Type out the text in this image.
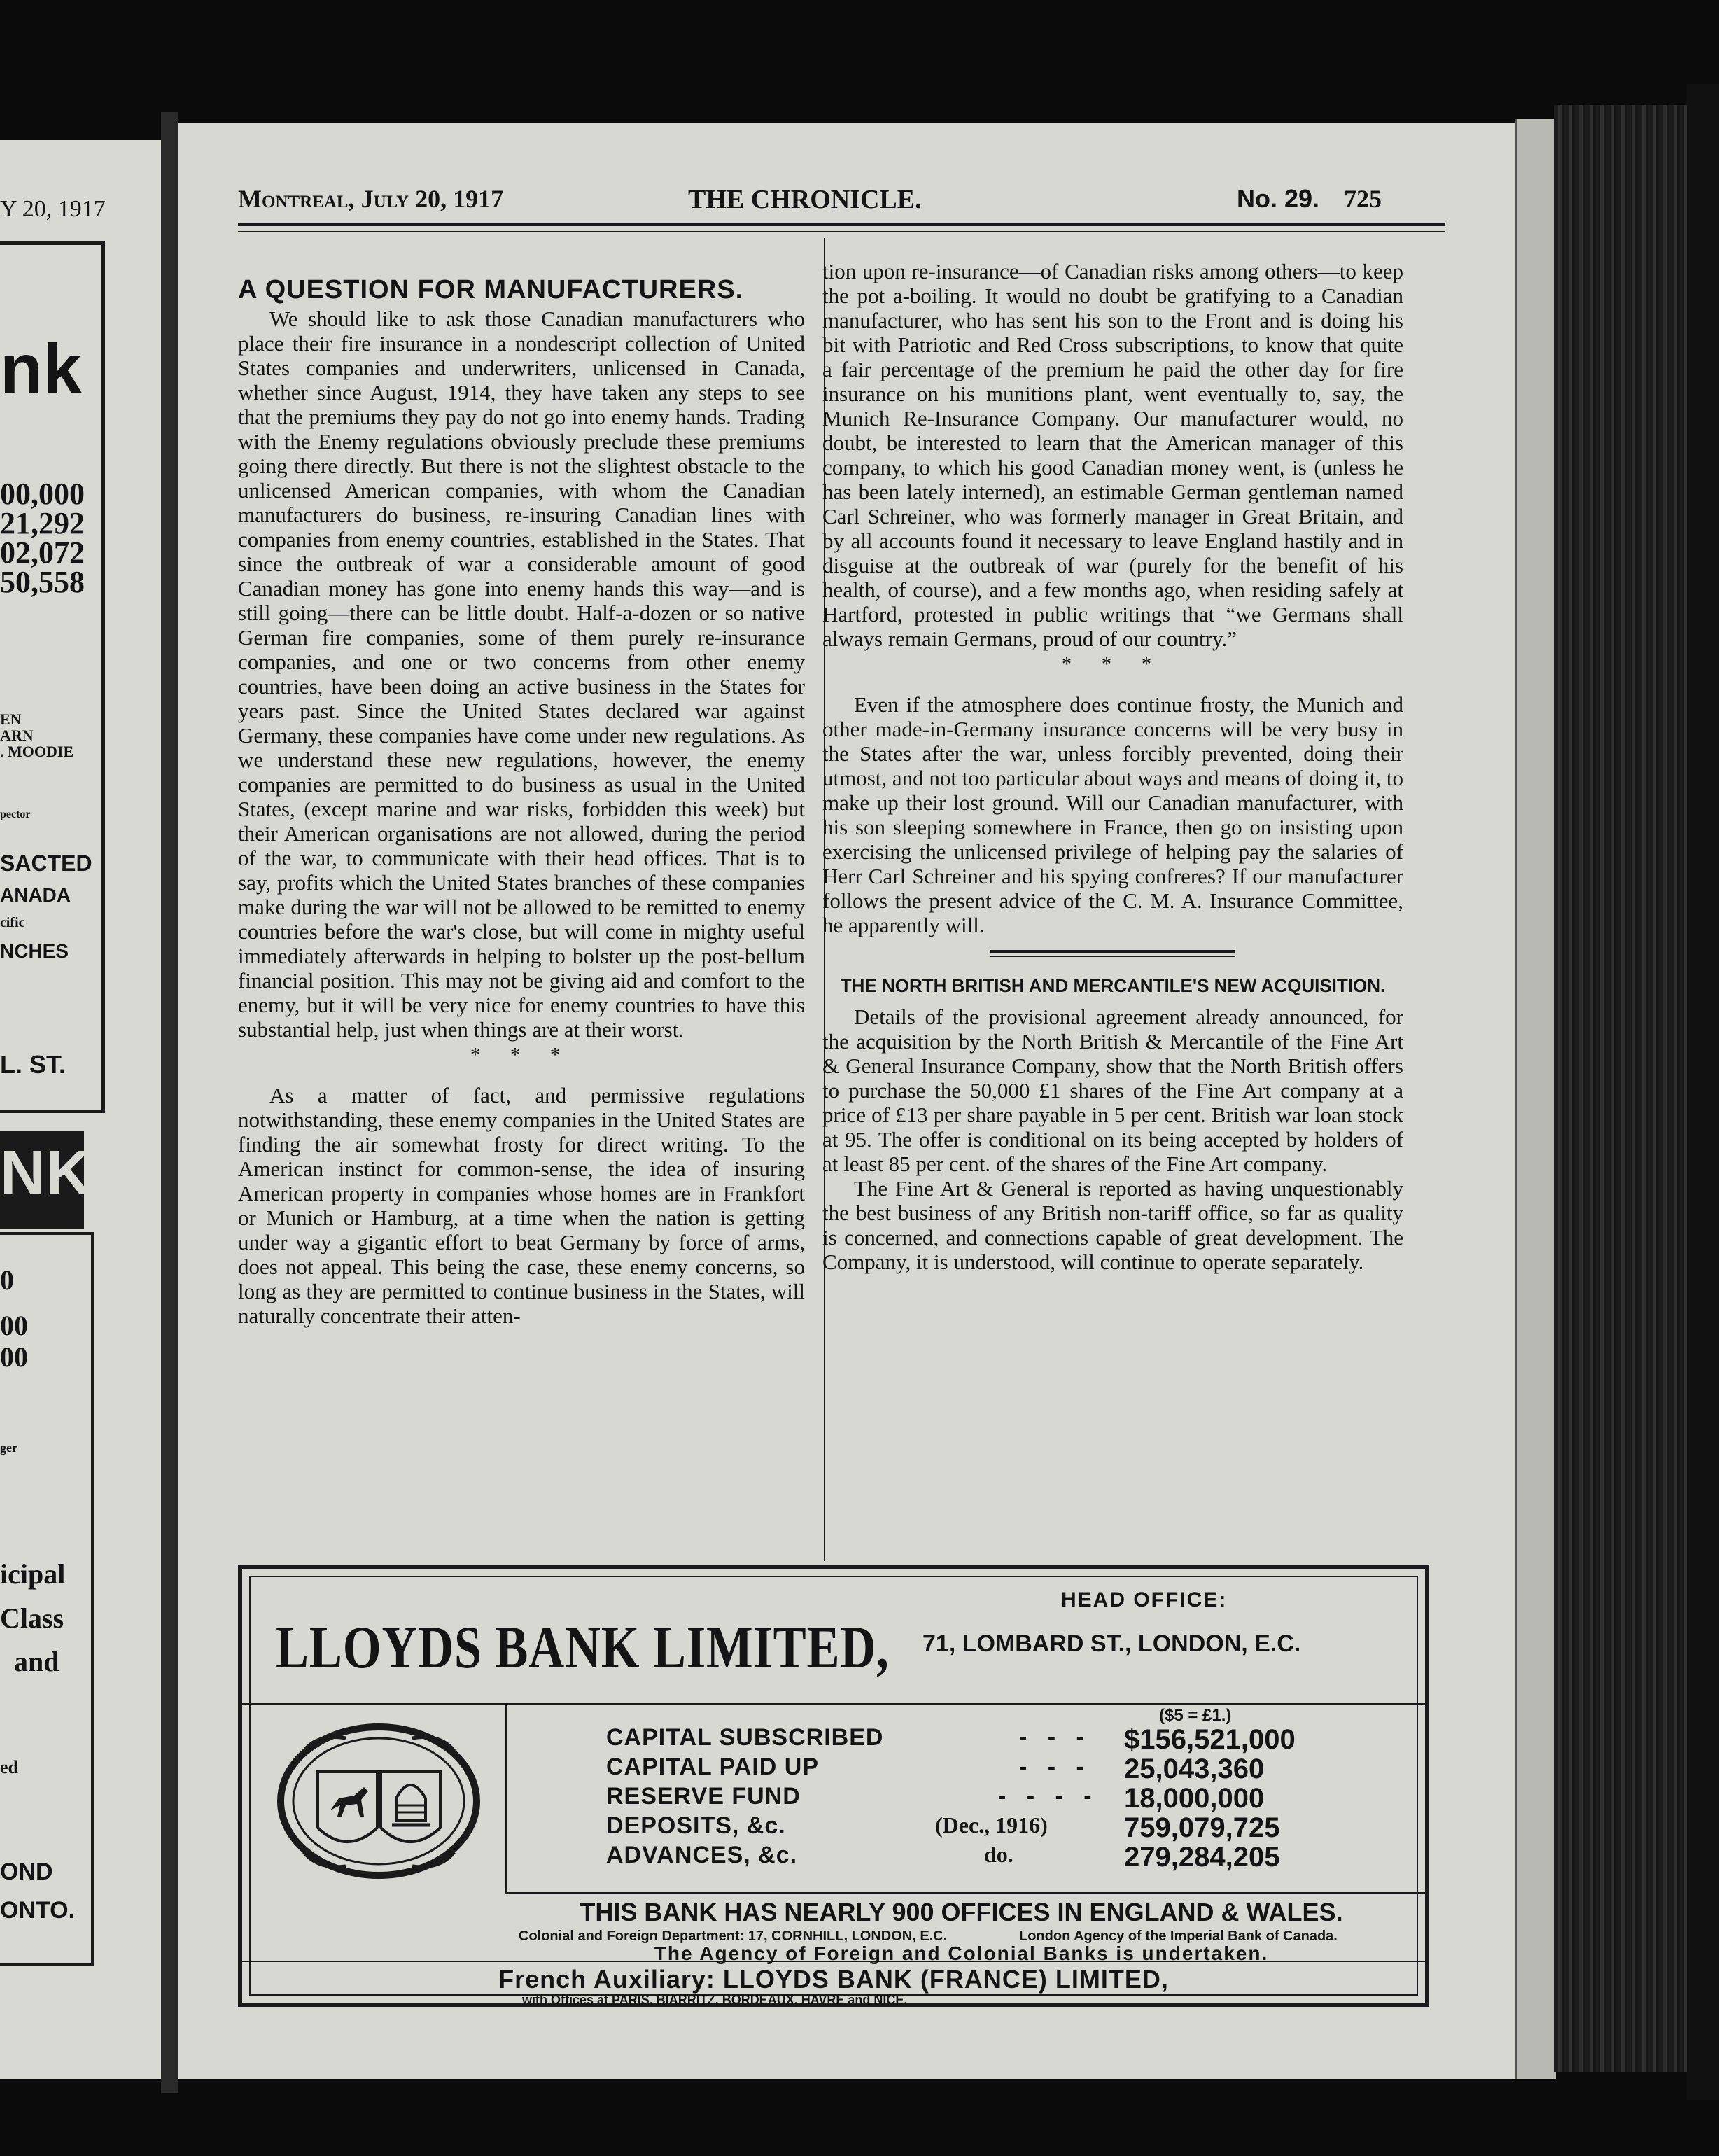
Y 20, 1917
nk
00,000
21,292
02,072
50,558
EN
ARN
. MOODIE
pector
SACTED
ANADA
cific
NCHES
L. ST.
NK
0
00
00
ger
icipal
Class
and
ed
OND
ONTO.
Montreal, July 20, 1917	THE CHRONICLE.	No. 29. 725
A QUESTION FOR MANUFACTURERS.

We should like to ask those Canadian manufacturers who place their fire insurance in a nondescript collection of United States companies and underwriters, unlicensed in Canada, whether since August, 1914, they have taken any steps to see that the premiums they pay do not go into enemy hands. Trading with the Enemy regulations obviously preclude these premiums going there directly. But there is not the slightest obstacle to the unlicensed American companies, with whom the Canadian manufacturers do business, re-insuring Canadian lines with companies from enemy countries, established in the States. That since the outbreak of war a considerable amount of good Canadian money has gone into enemy hands this way—and is still going—there can be little doubt. Half-a-dozen or so native German fire companies, some of them purely re-insurance companies, and one or two concerns from other enemy countries, have been doing an active business in the States for years past. Since the United States declared war against Germany, these companies have come under new regulations. As we understand these new regulations, however, the enemy companies are permitted to do business as usual in the United States, (except marine and war risks, forbidden this week) but their American organisations are not allowed, during the period of the war, to communicate with their head offices. That is to say, profits which the United States branches of these companies make during the war will not be allowed to be remitted to enemy countries before the war's close, but will come in mighty useful immediately afterwards in helping to bolster up the post-bellum financial position. This may not be giving aid and comfort to the enemy, but it will be very nice for enemy countries to have this substantial help, just when things are at their worst.

* * *

As a matter of fact, and permissive regulations notwithstanding, these enemy companies in the United States are finding the air somewhat frosty for direct writing. To the American instinct for common-sense, the idea of insuring American property in companies whose homes are in Frankfort or Munich or Hamburg, at a time when the nation is getting under way a gigantic effort to beat Germany by force of arms, does not appeal. This being the case, these enemy concerns, so long as they are permitted to continue business in the States, will naturally concentrate their atten-

tion upon re-insurance—of Canadian risks among others—to keep the pot a-boiling. It would no doubt be gratifying to a Canadian manufacturer, who has sent his son to the Front and is doing his bit with Patriotic and Red Cross subscriptions, to know that quite a fair percentage of the premium he paid the other day for fire insurance on his munitions plant, went eventually to, say, the Munich Re-Insurance Company. Our manufacturer would, no doubt, be interested to learn that the American manager of this company, to which his good Canadian money went, is (unless he has been lately interned), an estimable German gentleman named Carl Schreiner, who was formerly manager in Great Britain, and by all accounts found it necessary to leave England hastily and in disguise at the outbreak of war (purely for the benefit of his health, of course), and a few months ago, when residing safely at Hartford, protested in public writings that “we Germans shall always remain Germans, proud of our country.”

* * *

Even if the atmosphere does continue frosty, the Munich and other made-in-Germany insurance concerns will be very busy in the States after the war, unless forcibly prevented, doing their utmost, and not too particular about ways and means of doing it, to make up their lost ground. Will our Canadian manufacturer, with his son sleeping somewhere in France, then go on insisting upon exercising the unlicensed privilege of helping pay the salaries of Herr Carl Schreiner and his spying confreres? If our manufacturer follows the present advice of the C. M. A. Insurance Committee, he apparently will.

THE NORTH BRITISH AND MERCANTILE'S NEW ACQUISITION.

Details of the provisional agreement already announced, for the acquisition by the North British & Mercantile of the Fine Art & General Insurance Company, show that the North British offers to purchase the 50,000 £1 shares of the Fine Art company at a price of £13 per share payable in 5 per cent. British war loan stock at 95. The offer is conditional on its being accepted by holders of at least 85 per cent. of the shares of the Fine Art company.

The Fine Art & General is reported as having unquestionably the best business of any British non-tariff office, so far as quality is concerned, and connections capable of great development. The Company, it is understood, will continue to operate separately.

LLOYDS BANK LIMITED,
HEAD OFFICE:
71, LOMBARD ST., LONDON, E.C.
($5 = £1.)
CAPITAL SUBSCRIBED	- - - $156,521,000
CAPITAL PAID UP	- - - 25,043,360
RESERVE FUND	- - - - 18,000,000
DEPOSITS, &c.	(Dec., 1916)	759,079,725
ADVANCES, &c.	do.	279,284,205
THIS BANK HAS NEARLY 900 OFFICES IN ENGLAND & WALES.
Colonial and Foreign Department: 17, CORNHILL, LONDON, E.C.	London Agency of the Imperial Bank of Canada.
The Agency of Foreign and Colonial Banks is undertaken.
French Auxiliary: LLOYDS BANK (FRANCE) LIMITED,
with Offices at PARIS, BIARRITZ, BORDEAUX, HAVRE and NICE.
